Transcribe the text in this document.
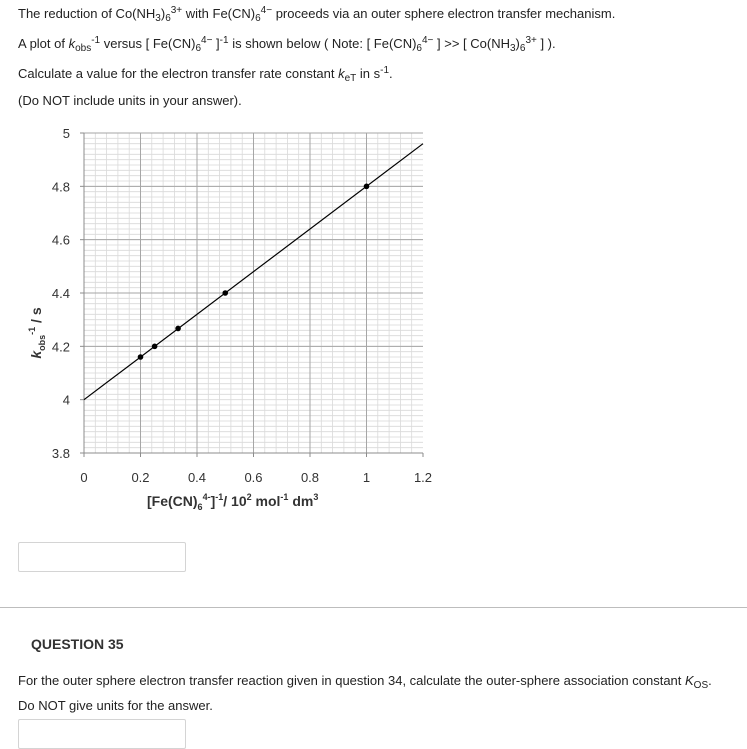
The reduction of $Co(NH_3)_6^{3+}$ with $Fe(CN)_6^{4-}$ proceeds via an outer sphere electron transfer mechanism.
A plot of $k_{obs}^{-1}$ versus [ $Fe(CN)_6^{4-}$ ]$^{-1}$ is shown below ( Note: [ $Fe(CN)_6^{4-}$ ] >> [ $Co(NH_3)_6^{3+}$ ] ).
Calculate a value for the electron transfer rate constant $k_{eT}$ in $s^{-1}$.
(Do NOT include units in your answer).
5
4.8
4.6
4.4
4.2
4
3.8
0	0.2	0.4	0.6	0.8	1	1.2
$[Fe(CN)_6^{4-}]^{-1}/$ $10^2$ mol$^{-1}$ $dm^3$
$k_{obs}^{-1}$ / s
QUESTION 35
For the outer sphere electron transfer reaction given in question 34, calculate the outer-sphere association constant $K_{OS}$.
Do NOT give units for the answer.
